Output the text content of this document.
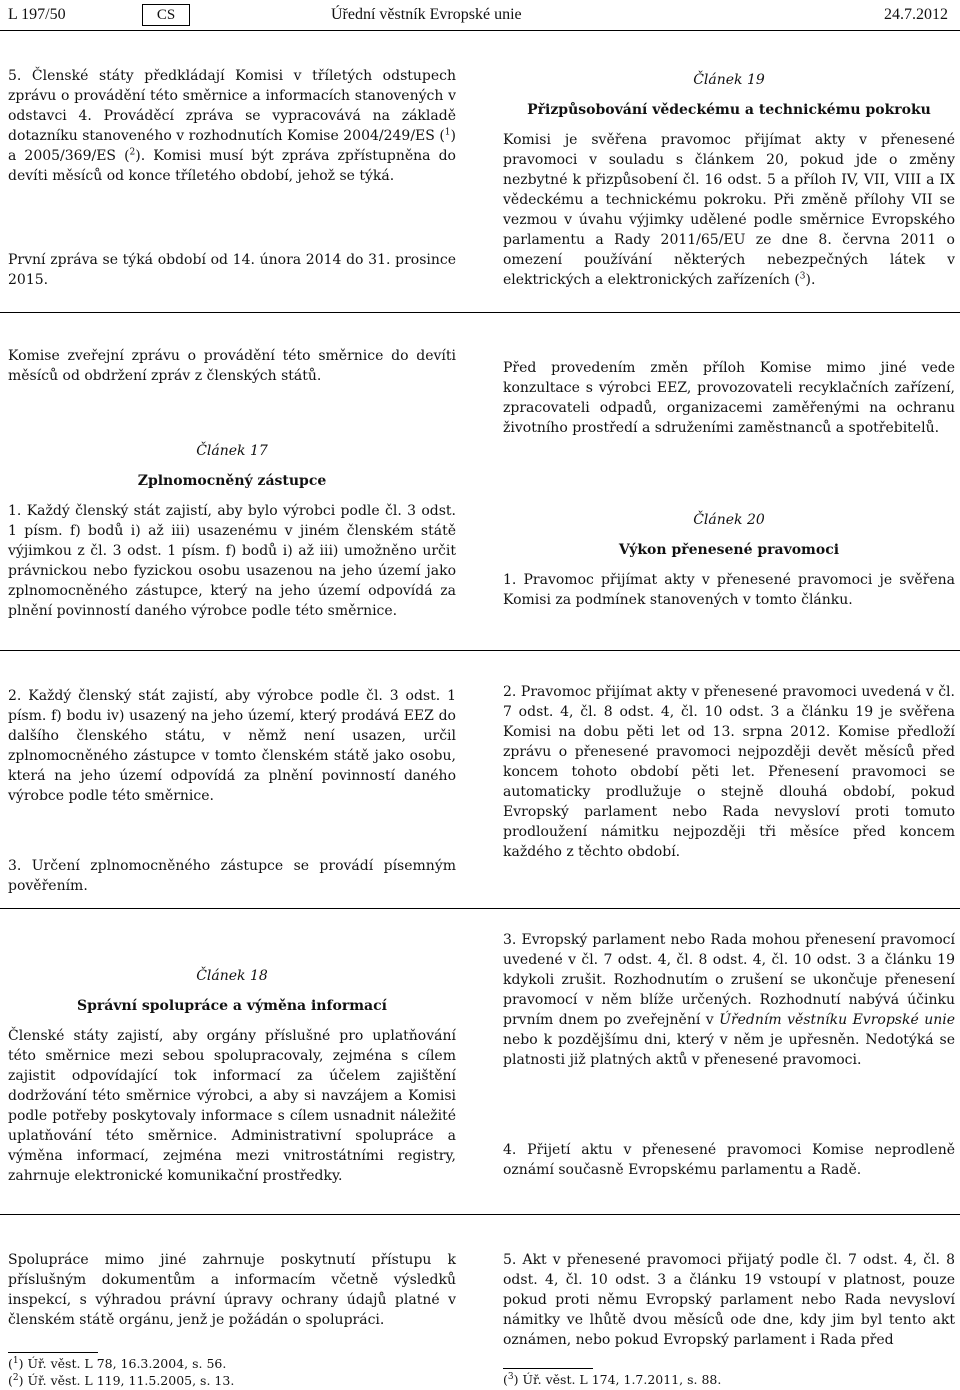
L 197/50	CS	Úřední věstník Evropské unie	24.7.2012

5. Členské státy předkládají Komisi v tříletých odstupech zprávu o provádění této směrnice a informacích stanovených v odstavci 4. Prováděcí zpráva se vypracovává na základě dotazníku stanoveného v rozhodnutích Komise 2004/249/ES ($^1$) a 2005/369/ES ($^2$). Komisi musí být zpráva zpřístupněna do devíti měsíců od konce tříletého období, jehož se týká.

První zpráva se týká období od 14. února 2014 do 31. prosince 2015.

Článek 19

Přizpůsobování vědeckému a technickému pokroku

Komisi je svěřena pravomoc přijímat akty v přenesené pravomoci v souladu s článkem 20, pokud jde o změny nezbytné k přizpůsobení čl. 16 odst. 5 a příloh IV, VII, VIII a IX vědeckému a technickému pokroku. Při změně přílohy VII se vezmou v úvahu výjimky udělené podle směrnice Evropského parlamentu a Rady 2011/65/EU ze dne 8. června 2011 o omezení používání některých nebezpečných látek v elektrických a elektronických zařízeních ($^3$).

Komise zveřejní zprávu o provádění této směrnice do devíti měsíců od obdržení zpráv z členských států.	Před provedením změn příloh Komise mimo jiné vede konzultace s výrobci EEZ, provozovateli recyklačních zařízení, zpracovateli odpadů, organizacemi zaměřenými na ochranu životního prostředí a sdruženími zaměstnanců a spotřebitelů.

Článek 17

Zplnomocněný zástupce

1. Každý členský stát zajistí, aby bylo výrobci podle čl. 3 odst. 1 písm. f) bodů i) až iii) usazenému v jiném členském státě výjimkou z čl. 3 odst. 1 písm. f) bodů i) až iii) umožněno určit právnickou nebo fyzickou osobu usazenou na jeho území jako zplnomocněného zástupce, který na jeho území odpovídá za plnění povinností daného výrobce podle této směrnice.

Článek 20

Výkon přenesené pravomoci

1. Pravomoc přijímat akty v přenesené pravomoci je svěřena Komisi za podmínek stanovených v tomto článku.

2. Každý členský stát zajistí, aby výrobce podle čl. 3 odst. 1 písm. f) bodu iv) usazený na jeho území, který prodává EEZ do dalšího členského státu, v němž není usazen, určil zplnomocněného zástupce v tomto členském státě jako osobu, která na jeho území odpovídá za plnění povinností daného výrobce podle této směrnice.

3. Určení zplnomocněného zástupce se provádí písemným pověřením.

2. Pravomoc přijímat akty v přenesené pravomoci uvedená v čl. 7 odst. 4, čl. 8 odst. 4, čl. 10 odst. 3 a článku 19 je svěřena Komisi na dobu pěti let od 13. srpna 2012. Komise předloží zprávu o přenesené pravomoci nejpozději devět měsíců před koncem tohoto období pěti let. Přenesení pravomoci se automaticky prodlužuje o stejně dlouhá období, pokud Evropský parlament nebo Rada nevysloví proti tomuto prodloužení námitku nejpozději tři měsíce před koncem každého z těchto období.

Článek 18

Správní spolupráce a výměna informací

Členské státy zajistí, aby orgány příslušné pro uplatňování této směrnice mezi sebou spolupracovaly, zejména s cílem zajistit odpovídající tok informací za účelem zajištění dodržování této směrnice výrobci, a aby si navzájem a Komisi podle potřeby poskytovaly informace s cílem usnadnit náležité uplatňování této směrnice. Administrativní spolupráce a výměna informací, zejména mezi vnitrostátními registry, zahrnuje elektronické komunikační prostředky.

3. Evropský parlament nebo Rada mohou přenesení pravomocí uvedené v čl. 7 odst. 4, čl. 8 odst. 4, čl. 10 odst. 3 a článku 19 kdykoli zrušit. Rozhodnutím o zrušení se ukončuje přenesení pravomocí v něm blíže určených. Rozhodnutí nabývá účinku prvním dnem po zveřejnění v Úředním věstníku Evropské unie nebo k pozdějšímu dni, který v něm je upřesněn. Nedotýká se platnosti již platných aktů v přenesené pravomoci.

4. Přijetí aktu v přenesené pravomoci Komise neprodleně oznámí současně Evropskému parlamentu a Radě.

Spolupráce mimo jiné zahrnuje poskytnutí přístupu k příslušným dokumentům a informacím včetně výsledků inspekcí, s výhradou právní úpravy ochrany údajů platné v členském státě orgánu, jenž je požádán o spolupráci.

5. Akt v přenesené pravomoci přijatý podle čl. 7 odst. 4, čl. 8 odst. 4, čl. 10 odst. 3 a článku 19 vstoupí v platnost, pouze pokud proti němu Evropský parlament nebo Rada nevysloví námitky ve lhůtě dvou měsíců ode dne, kdy jim byl tento akt oznámen, nebo pokud Evropský parlament i Rada před

($^1$) Úř. věst. L 78, 16.3.2004, s. 56.
($^2$) Úř. věst. L 119, 11.5.2005, s. 13.	($^3$) Úř. věst. L 174, 1.7.2011, s. 88.
